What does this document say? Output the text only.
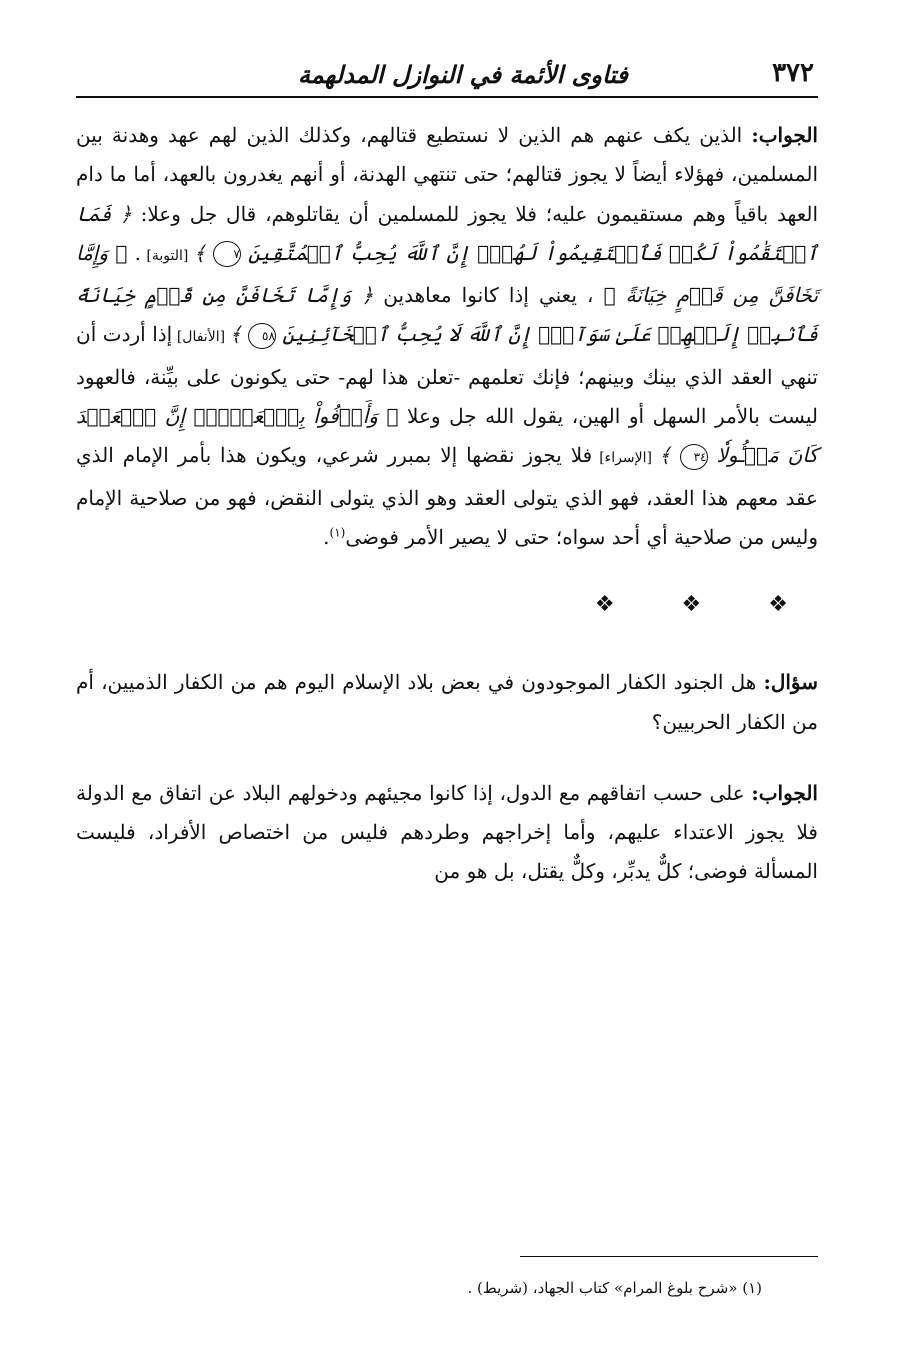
٣٧٢
فتاوى الأئمة في النوازل المدلهمة

الجواب: الذين يكف عنهم هم الذين لا نستطيع قتالهم، وكذلك الذين لهم عهد وهدنة بين المسلمين، فهؤلاء أيضاً لا يجوز قتالهم؛ حتى تنتهي الهدنة، أو أنهم يغدرون بالعهد، أما ما دام العهد باقياً وهم مستقيمون عليه؛ فلا يجوز للمسلمين أن يقاتلوهم، قال جل وعلا: ﴿ فَمَا ٱسۡتَقَٰمُواْ لَكُمۡ فَٱسۡتَقِيمُواْ لَهُمۡۚ إِنَّ ٱللَّهَ يُحِبُّ ٱلۡمُتَّقِينَ ٧ ﴾ [التوبة] . ﴿ وَإِمَّا تَخَافَنَّ مِن قَوۡمٍ خِيَانَةً ﴾ ، يعني إذا كانوا معاهدين ﴿ وَإِمَّا تَخَافَنَّ مِن قَوۡمٍ خِيَانَةً فَٱنۢبِذۡ إِلَيۡهِمۡ عَلَىٰ سَوَآءٍۚ إِنَّ ٱللَّهَ لَا يُحِبُّ ٱلۡخَآئِنِينَ ٥٨ ﴾ [الأنفال] إذا أردت أن تنهي العقد الذي بينك وبينهم؛ فإنك تعلمهم -تعلن هذا لهم- حتى يكونون على بيِّنة، فالعهود ليست بالأمر السهل أو الهين، يقول الله جل وعلا ﴿ وَأَوۡفُواْ بِٱلۡعَهۡدِۖ إِنَّ ٱلۡعَهۡدَ كَانَ مَسۡـُٔولٗا ٣٤ ﴾ [الإسراء] فلا يجوز نقضها إلا بمبرر شرعي، ويكون هذا بأمر الإمام الذي عقد معهم هذا العقد، فهو الذي يتولى العقد وهو الذي يتولى النقض، فهو من صلاحية الإمام وليس من صلاحية أي أحد سواه؛ حتى لا يصير الأمر فوضى$^{(١)}$.

❖ ❖ ❖

سؤال: هل الجنود الكفار الموجودون في بعض بلاد الإسلام اليوم هم من الكفار الذميين، أم من الكفار الحربيين؟

الجواب: على حسب اتفاقهم مع الدول، إذا كانوا مجيئهم ودخولهم البلاد عن اتفاق مع الدولة فلا يجوز الاعتداء عليهم، وأما إخراجهم وطردهم فليس من اختصاص الأفراد، فليست المسألة فوضى؛ كلٌّ يدبِّر، وكلٌّ يقتل، بل هو من

(١) «شرح بلوغ المرام» كتاب الجهاد، (شريط) .
